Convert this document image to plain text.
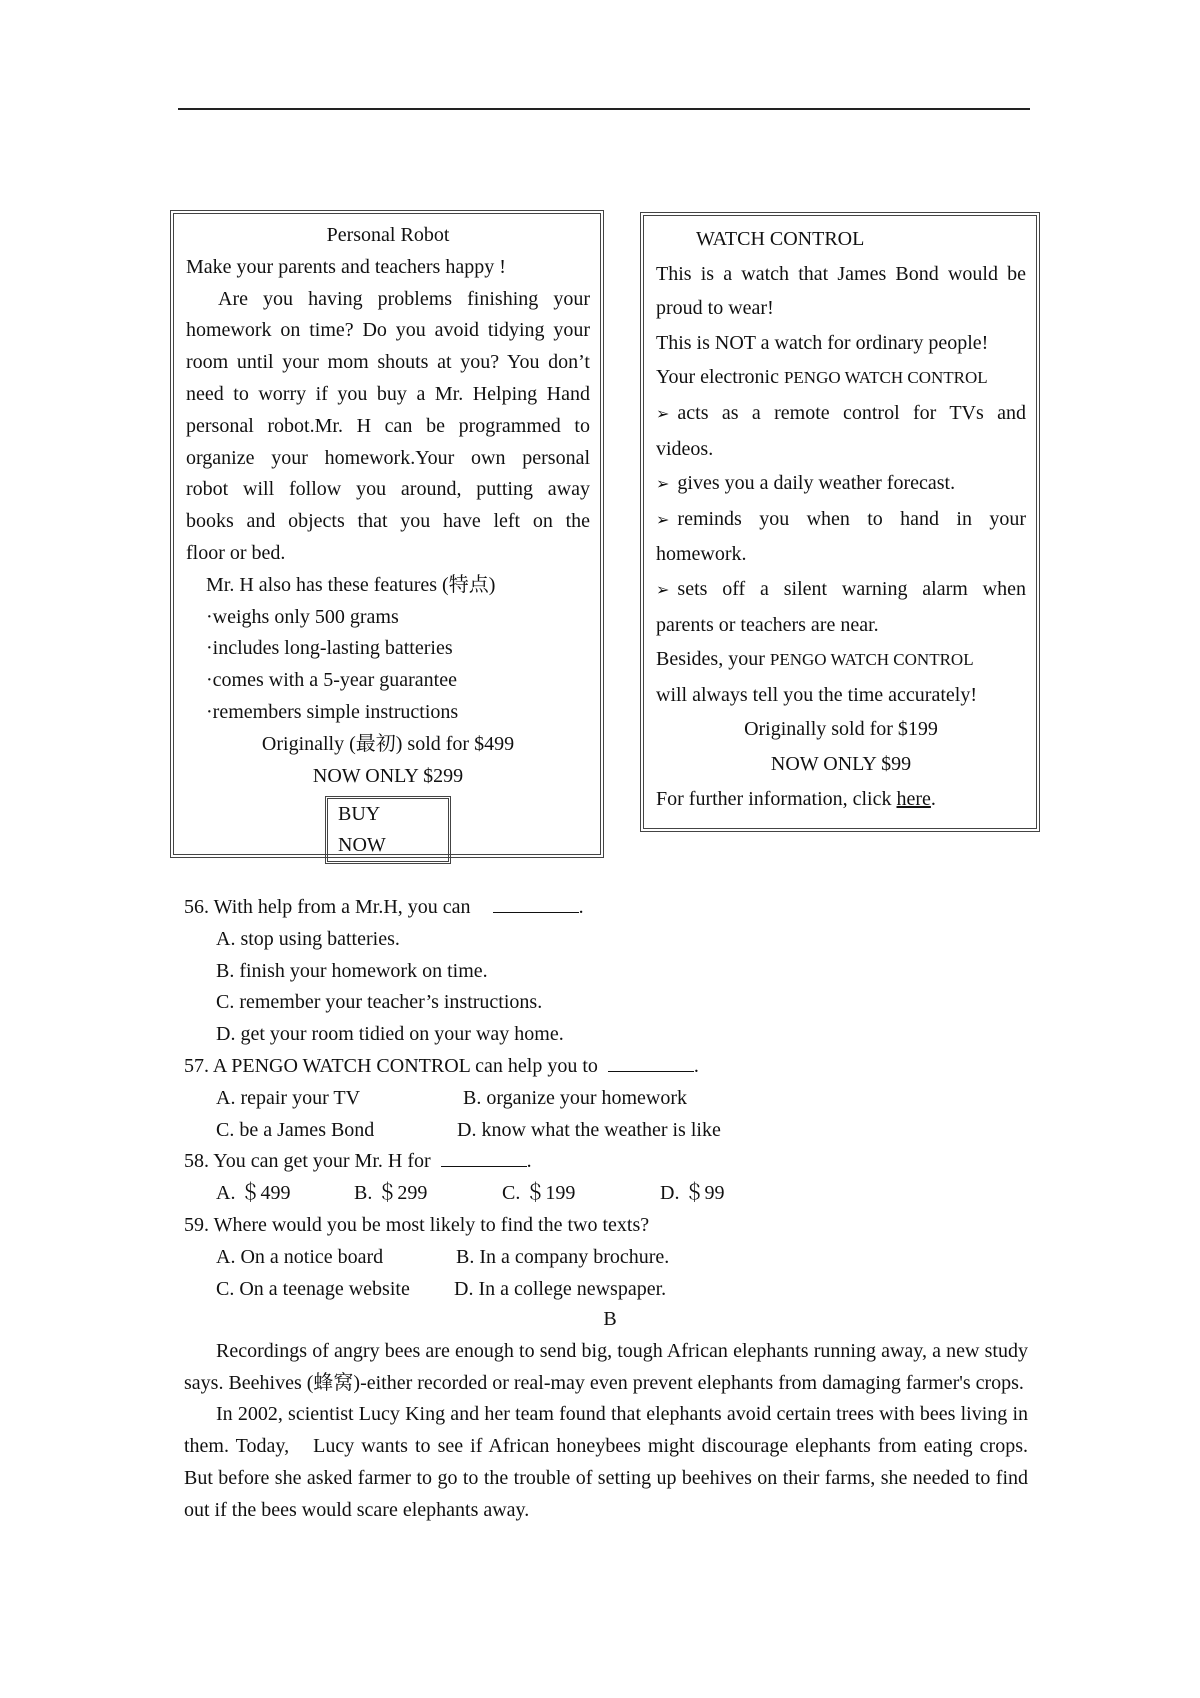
Personal Robot

Make your parents and teachers happy !

Are you having problems finishing your

homework on time? Do you avoid tidying your

room until your mom shouts at you? You don’t

need to worry if you buy a Mr. Helping Hand

personal robot.Mr. H can be programmed to

organize your homework.Your own personal

robot will follow you around, putting away

books and objects that you have left on the

floor or bed.

Mr. H also has these features (特点)

·weighs only 500 grams

·includes long-lasting batteries

·comes with a 5-year guarantee

·remembers simple instructions

Originally (最初) sold for $499

NOW ONLY $299

BUY
NOW

WATCH CONTROL

This is a watch that James Bond would be

proud to wear!

This is NOT a watch for ordinary people!

Your electronic PENGO WATCH CONTROL

➢ acts as a remote control for TVs and

videos.

➢ gives you a daily weather forecast.

➢ reminds you when to hand in your

homework.

➢ sets off a silent warning alarm when

parents or teachers are near.

Besides, your PENGO WATCH CONTROL

will always tell you the time accurately!

Originally sold for $199

NOW ONLY $99

For further information, click here.

56. With help from a Mr.H, you can	.

A. stop using batteries.

B. finish your homework on time.

C. remember your teacher’s instructions.

D. get your room tidied on your way home.

57. A PENGO WATCH CONTROL can help you to	.

A. repair your TV	B. organize your homework

C. be a James Bond	D. know what the weather is like

58. You can get your Mr. H for	.

A. ＄499	B. ＄299	C. ＄199	D. ＄99

59. Where would you be most likely to find the two texts?

A. On a notice board	B. In a company brochure.

C. On a teenage website D. In a college newspaper.

B

Recordings of angry bees are enough to send big, tough African elephants running away, a new study says. Beehives (蜂窝)-either recorded or real-may even prevent elephants from damaging farmer's crops.

In 2002, scientist Lucy King and her team found that elephants avoid certain trees with bees living in them. Today,　Lucy wants to see if African honeybees might discourage elephants from eating crops. But before she asked farmer to go to the trouble of setting up beehives on their farms, she needed to find out if the bees would scare elephants away.
